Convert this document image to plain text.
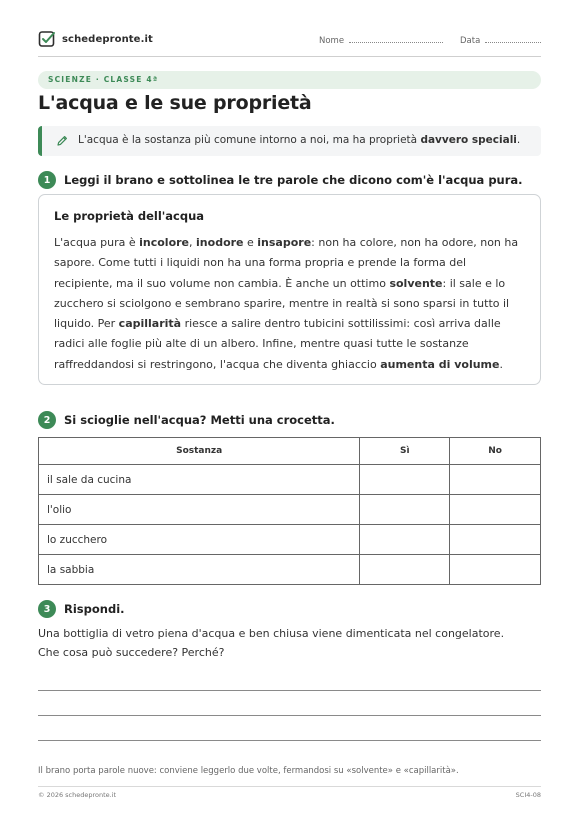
schedepronte.it	Nome	Data
SCIENZE · CLASSE 4ª
L'acqua e le sue proprietà
L'acqua è la sostanza più comune intorno a noi, ma ha proprietà davvero speciali.
1	Leggi il brano e sottolinea le tre parole che dicono com'è l'acqua pura.
Le proprietà dell'acqua
L'acqua pura è incolore, inodore e insapore: non ha colore, non ha odore, non ha sapore. Come tutti i liquidi non ha una forma propria e prende la forma del recipiente, ma il suo volume non cambia. È anche un ottimo solvente: il sale e lo zucchero si sciolgono e sembrano sparire, mentre in realtà si sono sparsi in tutto il liquido. Per capillarità riesce a salire dentro tubicini sottilissimi: così arriva dalle radici alle foglie più alte di un albero. Infine, mentre quasi tutte le sostanze raffreddandosi si restringono, l'acqua che diventa ghiaccio aumenta di volume.
2	Si scioglie nell'acqua? Metti una crocetta.
Sostanza	Sì	No
il sale da cucina		
l'olio		
lo zucchero		
la sabbia		
3	Rispondi.
Una bottiglia di vetro piena d'acqua e ben chiusa viene dimenticata nel congelatore. Che cosa può succedere? Perché?
Il brano porta parole nuove: conviene leggerlo due volte, fermandosi su «solvente» e «capillarità».
© 2026 schedepronte.it	SCI4-08
